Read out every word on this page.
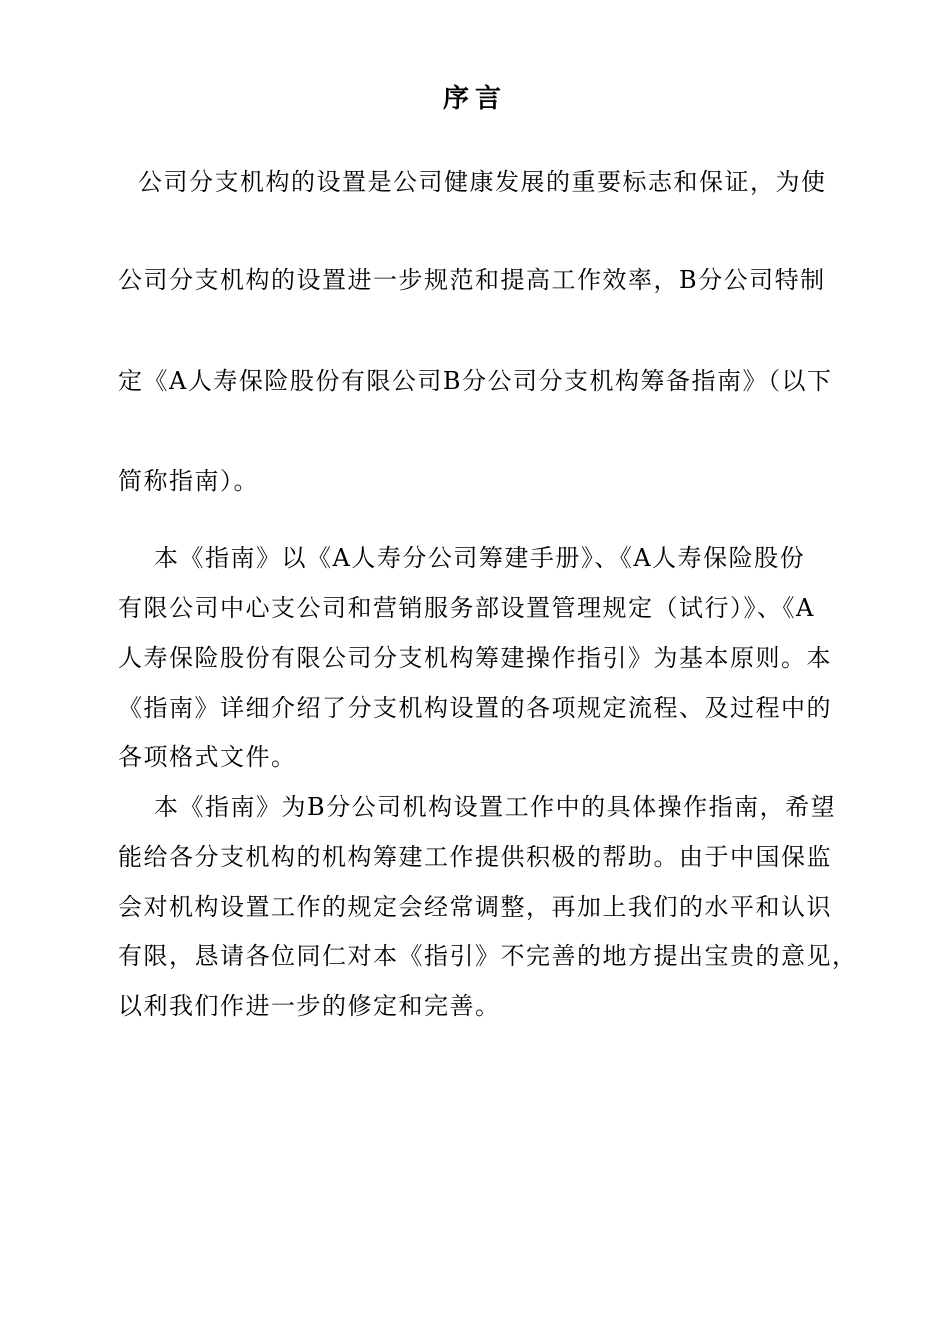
序言
公司分支机构的设置是公司健康发展的重要标志和保证，为使
公司分支机构的设置进一步规范和提高工作效率，B分公司特制
定《A人寿保险股份有限公司B分公司分支机构筹备指南》（以下
简称指南）。
本《指南》以《A人寿分公司筹建手册》、《A人寿保险股份
有限公司中心支公司和营销服务部设置管理规定（试行）》、《A
人寿保险股份有限公司分支机构筹建操作指引》为基本原则。本
《指南》详细介绍了分支机构设置的各项规定流程、及过程中的
各项格式文件。
本《指南》为B分公司机构设置工作中的具体操作指南，希望
能给各分支机构的机构筹建工作提供积极的帮助。由于中国保监
会对机构设置工作的规定会经常调整，再加上我们的水平和认识
有限，恳请各位同仁对本《指引》不完善的地方提出宝贵的意见，
以利我们作进一步的修定和完善。
